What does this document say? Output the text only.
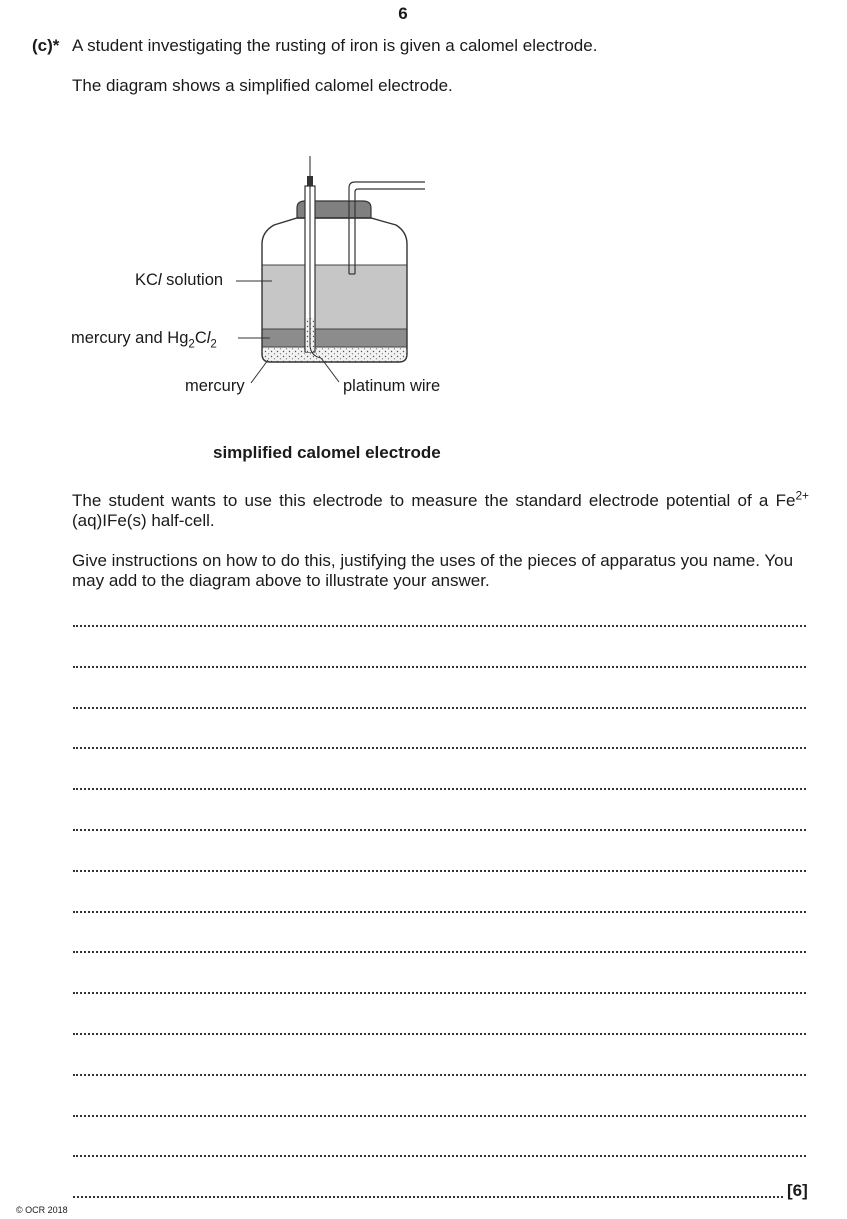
6
(c)* A student investigating the rusting of iron is given a calomel electrode.
The diagram shows a simplified calomel electrode.
KCl solution
mercury and $Hg_2Cl_2$
mercury	platinum wire
simplified calomel electrode
The student wants to use this electrode to measure the standard electrode potential of a $Fe^{2+}(aq)IFe(s)$ half-cell.
Give instructions on how to do this, justifying the uses of the pieces of apparatus you name. You may add to the diagram above to illustrate your answer.
[6]
© OCR 2018
